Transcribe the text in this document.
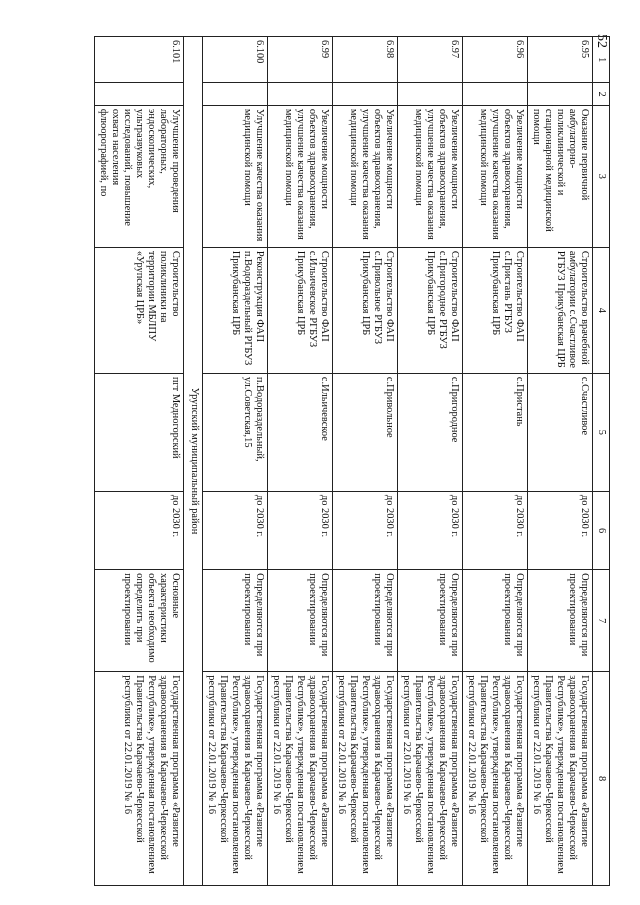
52
1	2	3	4	5	6	7	8
6.95		Оказание первичной амбулаторно-поликлинической и стационарной медицинской помощи	Строительство врачебной амбулатории с.Счастливое РГБУЗ Прикубанская ЦРБ	с.Счастливое	до 2030 г.	Определяются при проектировании	Государственная программа «Развитие здравоохранения в Карачаево-Черкесской Республике», утвержденная постановлением Правительства Карачаево-Черкесской республики от 22.01.2019 № 16
6.96		Увеличение мощности объектов здравоохранения, улучшение качества оказания медицинской помощи	Строительство ФАП с.Пристань РГБУЗ Прикубанская ЦРБ	с.Пристань	до 2030 г.	Определяются при проектировании	Государственная программа «Развитие здравоохранения в Карачаево-Черкесской Республике», утвержденная постановлением Правительства Карачаево-Черкесской республики от 22.01.2019 № 16
6.97		Увеличение мощности объектов здравоохранения, улучшение качества оказания медицинской помощи	Строительство ФАП с.Пригородное РГБУЗ Прикубанская ЦРБ	с.Пригородное	до 2030 г.	Определяются при проектировании	Государственная программа «Развитие здравоохранения в Карачаево-Черкесской Республике», утвержденная постановлением Правительства Карачаево-Черкесской республики от 22.01.2019 № 16
6.98		Увеличение мощности объектов здравоохранения, улучшение качества оказания медицинской помощи	Строительство ФАП с.Привольное РГБУЗ Прикубанская ЦРБ	с.Привольное	до 2030 г.	Определяются при проектировании	Государственная программа «Развитие здравоохранения в Карачаево-Черкесской Республике», утвержденная постановлением Правительства Карачаево-Черкесской республики от 22.01.2019 № 16
6.99		Увеличение мощности объектов здравоохранения, улучшение качества оказания медицинской помощи	Строительство ФАП с.Ильичевское РГБУЗ Прикубанская ЦРБ	с.Ильичевское	до 2030 г.	Определяются при проектировании	Государственная программа «Развитие здравоохранения в Карачаево-Черкесской Республике», утвержденная постановлением Правительства Карачаево-Черкесской республики от 22.01.2019 № 16
6.100		Улучшение качества оказания медицинской помощи	Реконструкция ФАП п.Водораздельный РГБУЗ Прикубанская ЦРБ	п.Водораздельный, ул.Советская,15	до 2030 г.	Определяются при проектировании	Государственная программа «Развитие здравоохранения в Карачаево-Черкесской Республике», утвержденная постановлением Правительства Карачаево-Черкесской республики от 22.01.2019 № 16
Урупский муниципальный район							
6.101		Улучшение проведения лабораторных, эндоскопических, ультразвуковых исследований, повышение охвата населения флюорографией, по	Строительство поликлиники на территории МБЛПУ «Урупская ЦРБ»	пгт Медногорский	до 2030 г.	Основные характеристики объекта необходимо определить при проектировании	Государственная программа «Развитие здравоохранения в Карачаево-Черкесской Республике», утвержденная постановлением Правительства Карачаево-Черкесской республики от 22.01.2019 № 16
